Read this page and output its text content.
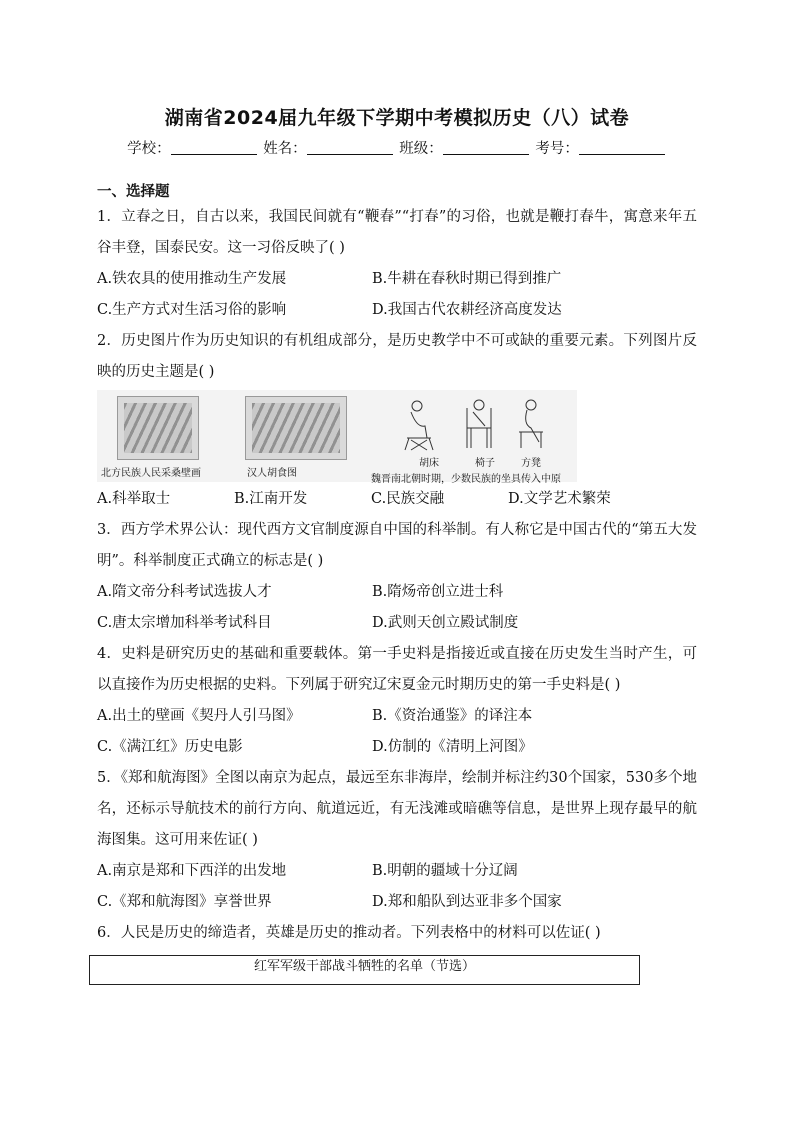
湖南省2024届九年级下学期中考模拟历史（八）试卷
学校：	姓名：	班级：	考号：
一、选择题

1．立春之日，自古以来，我国民间就有“鞭春”“打春”的习俗，也就是鞭打春牛，寓意来年五谷丰登，国泰民安。这一习俗反映了( )

A.铁农具的使用推动生产发展	B.牛耕在春秋时期已得到推广
C.生产方式对生活习俗的影响	D.我国古代农耕经济高度发达

2．历史图片作为历史知识的有机组成部分，是历史教学中不可或缺的重要元素。下列图片反映的历史主题是( )

北方民族人民采桑壁画	汉人胡食图
魏晋南北朝时期，少数民族的坐具传入中原
胡床	椅子	方凳
A.科举取士	B.江南开发	C.民族交融	D.文学艺术繁荣

3．西方学术界公认：现代西方文官制度源自中国的科举制。有人称它是中国古代的“第五大发明”。科举制度正式确立的标志是( )

A.隋文帝分科考试选拔人才	B.隋炀帝创立进士科
C.唐太宗增加科举考试科目	D.武则天创立殿试制度

4．史料是研究历史的基础和重要载体。第一手史料是指接近或直接在历史发生当时产生，可以直接作为历史根据的史料。下列属于研究辽宋夏金元时期历史的第一手史料是( )

A.出土的壁画《契丹人引马图》	B.《资治通鉴》的译注本
C.《满江红》历史电影	D.仿制的《清明上河图》

5．《郑和航海图》全图以南京为起点，最远至东非海岸，绘制并标注约30个国家，530多个地名，还标示导航技术的前行方向、航道远近，有无浅滩或暗礁等信息，是世界上现存最早的航海图集。这可用来佐证( )

A.南京是郑和下西洋的出发地	B.明朝的疆域十分辽阔
C.《郑和航海图》享誉世界	D.郑和船队到达亚非多个国家

6．人民是历史的缔造者，英雄是历史的推动者。下列表格中的材料可以佐证( )

红军军级干部战斗牺牲的名单（节选）
